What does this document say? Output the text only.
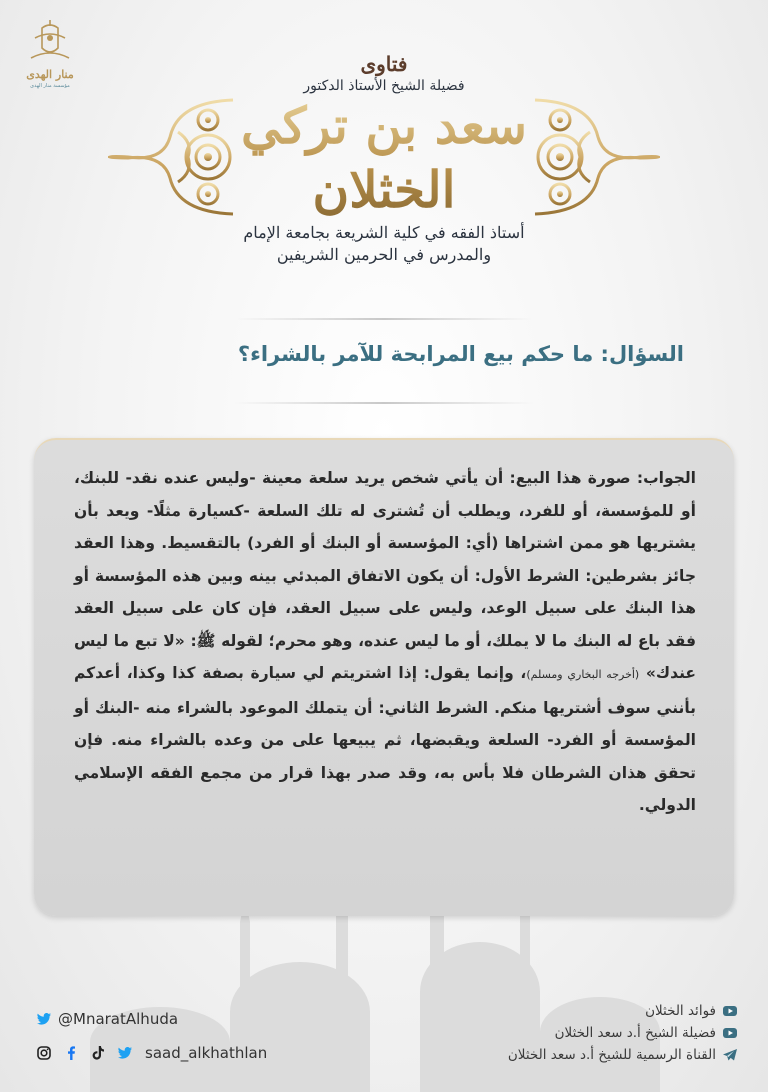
منار الهدى
مؤسسة منار الهدى
فتاوى
فضيلة الشيخ الأستاذ الدكتور
سعد بن تركي الخثلان
أستاذ الفقه في كلية الشريعة بجامعة الإمام
والمدرس في الحرمين الشريفين
السؤال: ما حكم بيع المرابحة للآمر بالشراء؟
الجواب: صورة هذا البيع: أن يأتي شخص يريد سلعة معينة -وليس عنده نقد- للبنك، أو للمؤسسة، أو للفرد، ويطلب أن تُشترى له تلك السلعة -كسيارة مثلًا- ويعد بأن يشتريها هو ممن اشتراها (أي: المؤسسة أو البنك أو الفرد) بالتقسيط. وهذا العقد جائز بشرطين: الشرط الأول: أن يكون الاتفاق المبدئي بينه وبين هذه المؤسسة أو هذا البنك على سبيل الوعد، وليس على سبيل العقد، فإن كان على سبيل العقد فقد باع له البنك ما لا يملك، أو ما ليس عنده، وهو محرم؛ لقوله ﷺ: «لا تبع ما ليس عندك» (أخرجه البخاري ومسلم)، وإنما يقول: إذا اشتريتم لي سيارة بصفة كذا وكذا، أعدكم بأنني سوف أشتريها منكم. الشرط الثاني: أن يتملك الموعود بالشراء منه -البنك أو المؤسسة أو الفرد- السلعة ويقبضها، ثم يبيعها على من وعده بالشراء منه. فإن تحقق هذان الشرطان فلا بأس به، وقد صدر بهذا قرار من مجمع الفقه الإسلامي الدولي.
@MnaratAlhuda
saad_alkhathlan
فوائد الخثلان
فضيلة الشيخ أ.د سعد الخثلان
القناة الرسمية للشيخ أ.د سعد الخثلان
